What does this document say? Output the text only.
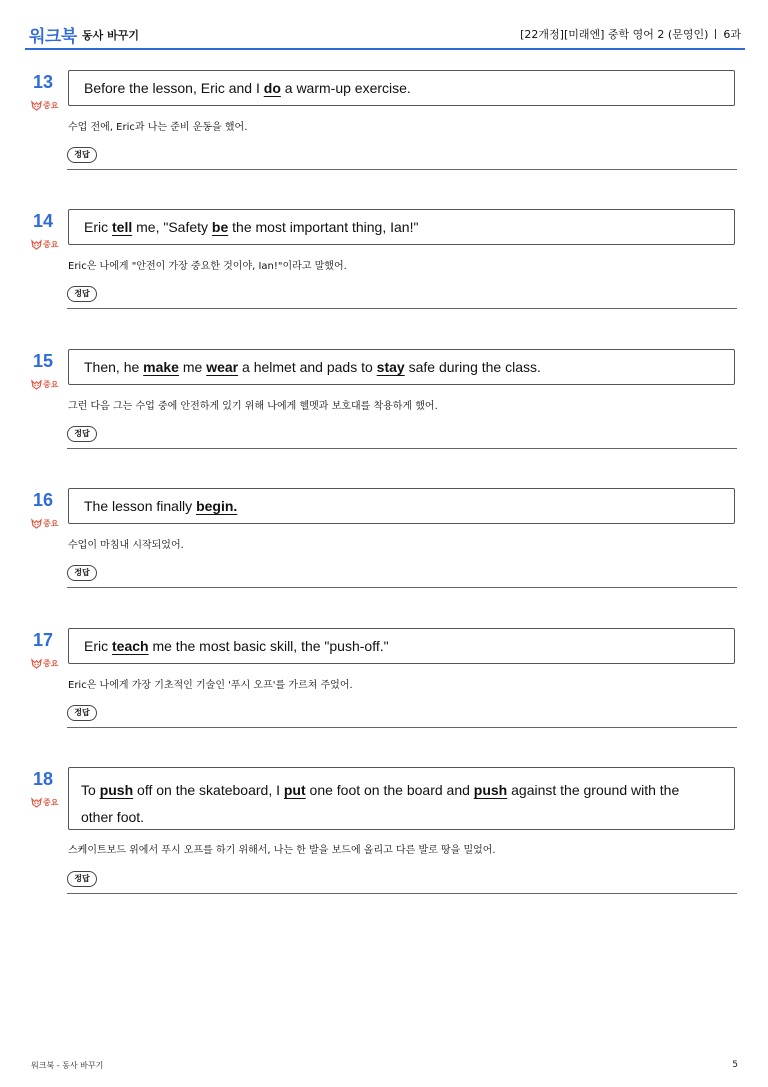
워크북 동사 바꾸기	[22개정][미래엔] 중학 영어 2 (문영인) 6과
13
중요
Before the lesson, Eric and I do a warm-up exercise.
수업 전에, Eric과 나는 준비 운동을 했어.
정답
14
중요
Eric tell me, "Safety be the most important thing, Ian!"
Eric은 나에게 "안전이 가장 중요한 것이야, Ian!"이라고 말했어.
정답
15
중요
Then, he make me wear a helmet and pads to stay safe during the class.
그런 다음 그는 수업 중에 안전하게 있기 위해 나에게 헬멧과 보호대를 착용하게 했어.
정답
16
중요
The lesson finally begin.
수업이 마침내 시작되었어.
정답
17
중요
Eric teach me the most basic skill, the "push-off."
Eric은 나에게 가장 기초적인 기술인 '푸시 오프'를 가르쳐 주었어.
정답
18
중요
To push off on the skateboard, I put one foot on the board and push against the ground with the other foot.
스케이트보드 위에서 푸시 오프를 하기 위해서, 나는 한 발을 보드에 올리고 다른 발로 땅을 밀었어.
정답
워크북 - 동사 바꾸기	5
